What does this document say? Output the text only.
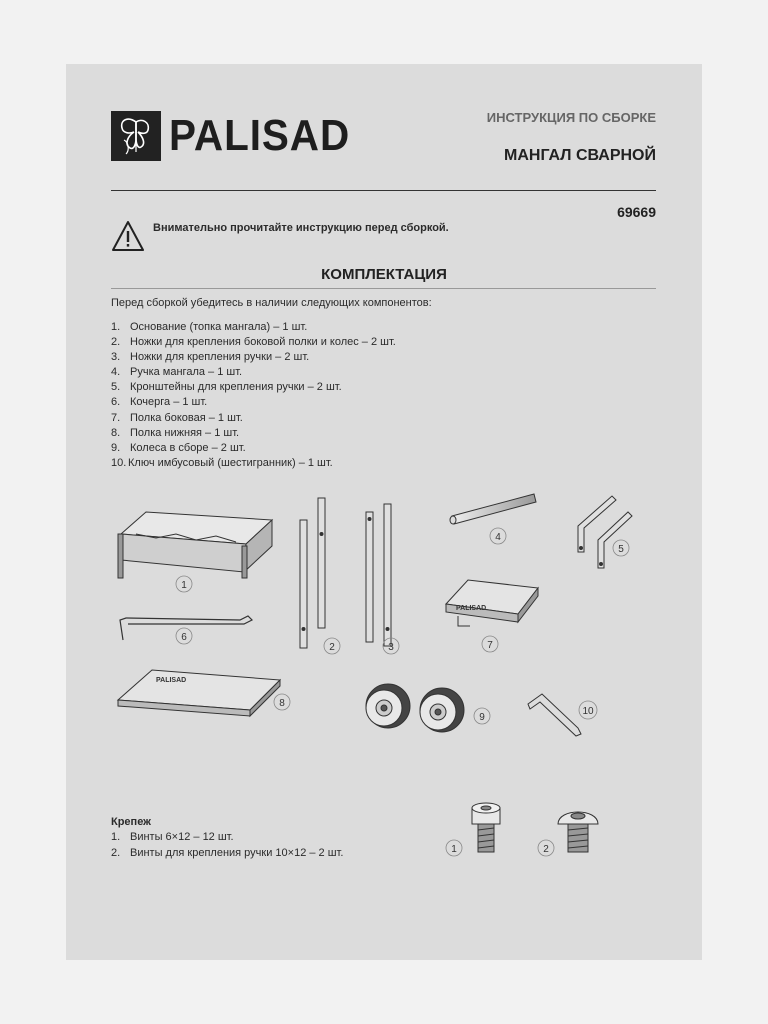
PALISAD	ИНСТРУКЦИЯ ПО СБОРКЕ
МАНГАЛ СВАРНОЙ
69669
Внимательно прочитайте инструкцию перед сборкой.
КОМПЛЕКТАЦИЯ
Перед сборкой убедитесь в наличии следующих компонентов:
1. Основание (топка мангала) – 1 шт.
2. Ножки для крепления боковой полки и колес – 2 шт.
3. Ножки для крепления ручки – 2 шт.
4. Ручка мангала – 1 шт.
5. Кронштейны для крепления ручки – 2 шт.
6. Кочерга – 1 шт.
7. Полка боковая – 1 шт.
8. Полка нижняя – 1 шт.
9. Колеса в сборе – 2 шт.
10. Ключ имбусовый (шестигранник) – 1 шт.
PALISAD
PALISAD
1
2	3
4
5
6
7
8
9
10
1	2
Крепеж
1. Винты 6×12 – 12 шт.
2. Винты для крепления ручки 10×12 – 2 шт.
